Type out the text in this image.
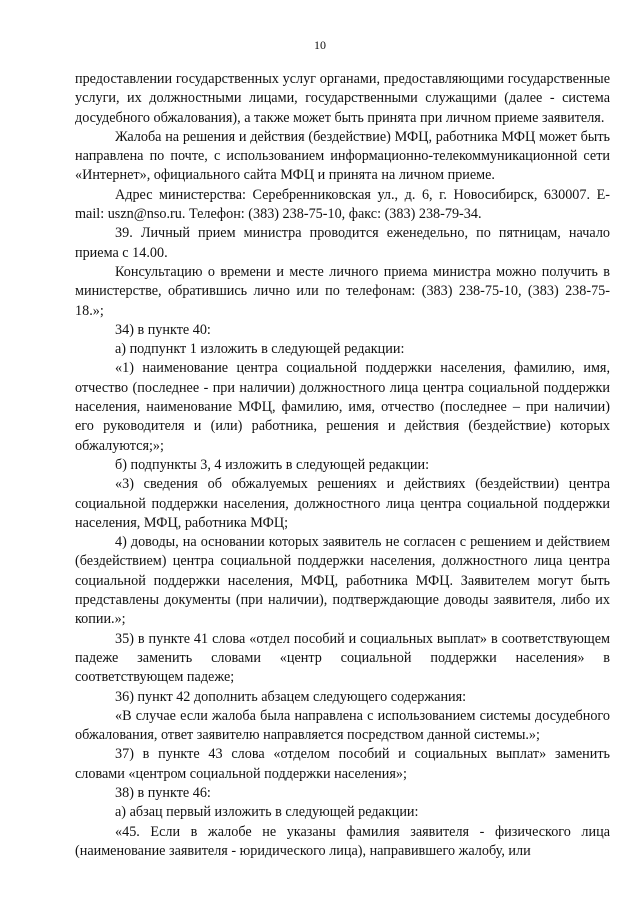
10

предоставлении государственных услуг органами, предоставляющими государственные услуги, их должностными лицами, государственными служащими (далее - система досудебного обжалования), а также может быть принята при личном приеме заявителя.

Жалоба на решения и действия (бездействие) МФЦ, работника МФЦ может быть направлена по почте, с использованием информационно-телекоммуникационной сети «Интернет», официального сайта МФЦ и принята на личном приеме.

Адрес министерства: Серебренниковская ул., д. 6, г. Новосибирск, 630007. E-mail: uszn@nso.ru. Телефон: (383) 238-75-10, факс: (383) 238-79-34.

39. Личный прием министра проводится еженедельно, по пятницам, начало приема с 14.00.

Консультацию о времени и месте личного приема министра можно получить в министерстве, обратившись лично или по телефонам: (383) 238-75-10, (383) 238-75-18.»;

34) в пункте 40:

а) подпункт 1 изложить в следующей редакции:

«1) наименование центра социальной поддержки населения, фамилию, имя, отчество (последнее - при наличии) должностного лица центра социальной поддержки населения, наименование МФЦ, фамилию, имя, отчество (последнее – при наличии) его руководителя и (или) работника, решения и действия (бездействие) которых обжалуются;»;

б) подпункты 3, 4 изложить в следующей редакции:

«3) сведения об обжалуемых решениях и действиях (бездействии) центра социальной поддержки населения, должностного лица центра социальной поддержки населения, МФЦ, работника МФЦ;

4) доводы, на основании которых заявитель не согласен с решением и действием (бездействием) центра социальной поддержки населения, должностного лица центра социальной поддержки населения, МФЦ, работника МФЦ. Заявителем могут быть представлены документы (при наличии), подтверждающие доводы заявителя, либо их копии.»;

35) в пункте 41 слова «отдел пособий и социальных выплат» в соответствующем падеже заменить словами «центр социальной поддержки населения» в соответствующем падеже;

36) пункт 42 дополнить абзацем следующего содержания:

«В случае если жалоба была направлена с использованием системы досудебного обжалования, ответ заявителю направляется посредством данной системы.»;

37) в пункте 43 слова «отделом пособий и социальных выплат» заменить словами «центром социальной поддержки населения»;

38) в пункте 46:

а) абзац первый изложить в следующей редакции:

«45. Если в жалобе не указаны фамилия заявителя - физического лица (наименование заявителя - юридического лица), направившего жалобу, или
